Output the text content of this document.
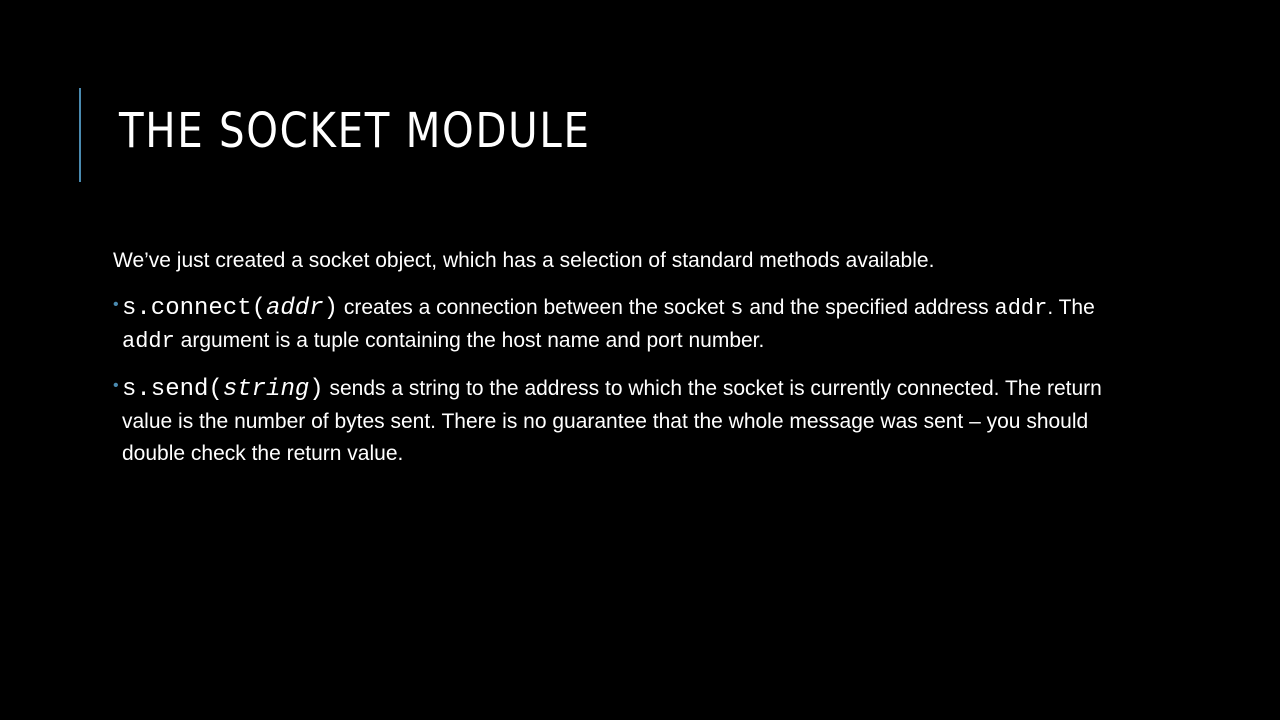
THE SOCKET MODULE

We’ve just created a socket object, which has a selection of standard methods available.

• s.connect(addr) creates a connection between the socket s and the specified address addr. The addr argument is a tuple containing the host name and port number.
• s.send(string) sends a string to the address to which the socket is currently connected. The return value is the number of bytes sent. There is no guarantee that the whole message was sent – you should double check the return value.
